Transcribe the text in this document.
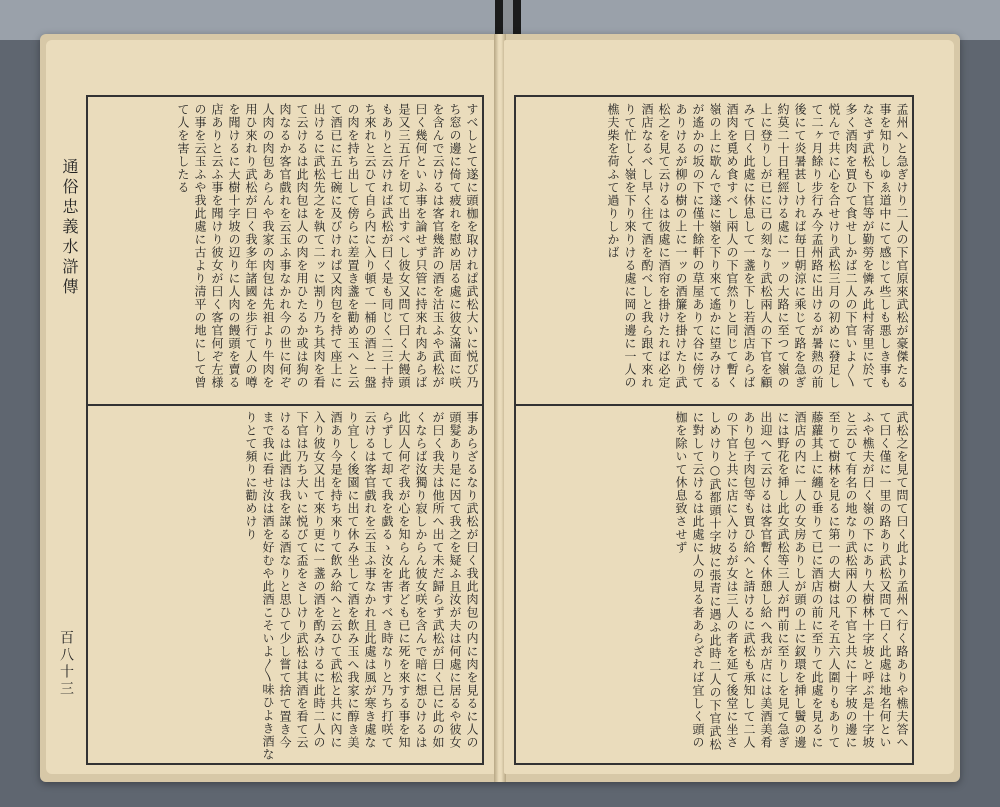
通俗忠義水滸傳
百八十三

すべしとて遂に頭枷を取けれぱ武松大いに悦び乃ち窓の邊に倚て疲れを慰め居る處に彼女滿面に咲を含んで云けるは客官幾許の酒を沽玉ふや武松が曰く幾何といふ事を論せず只管に持來れ肉あらば是又三五斤を切て出すべし彼女又問て曰く大饅頭もありと云ければ武松が曰く是も同じく二三十持ち來れと云ひて自ら内に入り頓て一桶の酒と一盤の肉を持ち出して傍らに差置き盞を勸め玉へと云て酒已に五七碗に及びけれぱ又肉包を持て座上に出けるに武松先之を執て二ッに割り乃ち其肉を看て云けるは此肉包は人の肉を用ひたるか或は狗の肉なるか客官戲れを云玉ふ事なかれ今の世に何ぞ人肉の肉包あらんや我家の肉包は先祖より牛肉を用ひ來れり武松が曰く我多年諸國を歩行て人の噂を聞けるに大樹十字坡の辺りに人肉の饅頭を賣る店ありと云ふ事を聞けり彼女が曰く客官何ぞ左様の事を云玉ふや我此處に古より清平の地にして曾て人を害したる

事あらざるなり武松が曰く我此肉包の内に肉を見るに人の頭髮あり是に因て我之を疑ふ且汝が夫は何處に居るや彼女が曰く我夫は他所へ出て未だ歸らず武松が曰く已に此の如くならば汝獨り寂しからん彼女咲を含んで暗に想ひけるは此囚人何ぞ我が心を知らん此者ども已に死を來する事を知らずして却て我を戯るゝ汝を害すべき時なりと乃ち打咲て云けるは客官戲れを云玉ふ事なかれ且此處は風が寒き處なり宜しく後園に出て休み坐して酒を飲み玉へ我家に醇き美酒あり今是を持ち來りて飲み給へと云ひて武松と共に內に入り彼女又出て來り更に一盞の酒を酌みけるに此時二人の下官は乃ち大いに悦びて盃をさしけり武松は其酒を看て云けるは此酒は我を謀る酒なりと思ひて少し嘗て捨て置き今まで我に看せ汝は酒を好むや此酒こそいよ〳〵味ひよき酒なりとて頻りに勸めけり

孟州へと急ぎけり二人の下官原來武松が豪傑たる事を知りしゆゑ道中にて感じて些しも悪しき事もなさず武松も下官等が勤勞を憐み此村寄里に於て多く酒肉を買ひて食せしかば二人の下官いよ〳〵悦んで共に心を合せけり武松三月の初めに發足して二ヶ月餘り步行み今孟州路に出けるが暑熱の前後にて炎暑甚しければ毎日朝涼に乘じて路を急ぎ約莫二十日程經ける處に一ッの大路に至つて嶺の上に登りしが已に已の刻なり武松兩人の下官を顧みて曰く此處に休息して一盞を下し若酒店あらば酒肉を覓め食すべし兩人の下官然りと同じて暫く嶺の上に歇んで遂に嶺を下り來て遙かに望みけるが遙かの坂の下に僅十餘軒の草屋ありて谷に傍てありけるが柳の樹の上に一ッの酒簾を掛けたり武松之を見て云けるは彼處に酒帘を掛けたれば必定酒店なるべし早く往て酒を酌べしと我ら跟て來れりて忙しく嶺を下り來りける處に岡の邊に一人の樵夫柴を荷ふて過りしかば

武松之を見て問て曰く此より孟州へ行く路ありや樵夫答へて曰く僅に一里の路あり武松又問て曰く此處は地名何といふや樵夫が曰く嶺の下にあり大樹林十字坡と呼ぶ是十字坡と云ひて有名の地なり武松兩人の下官と共に十字坡の邊に至りて樹林を見るに第一の大樹は凡そ五六人圍りもありて藤蘿其上に纏ひ垂りて已に酒店の前に至りて此處を見るに酒店の内に一人の女房ありしが頭の上に釵環を挿し鬢の邊には野花を挿し此女武松等三人が門前に至りしを見て急ぎ出迎へて云けるは客官暫く休憩し給へ我が店には美酒美肴あり包子肉包等も買ひ給へと請けるに武松も承知して二人の下官と共に店に入けるが女は三人の者を延て後堂に坐さしめけり○武都頭十字坡に張青に遇ふ此時二人の下官武松に對して云けるは此處に人の見る者あらざれば宜しく頭の枷を除いて休息致させず
